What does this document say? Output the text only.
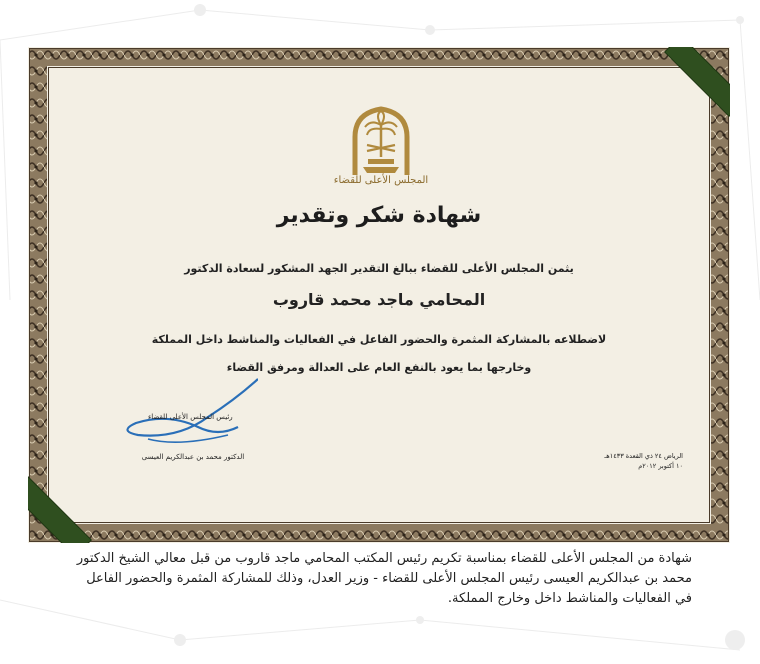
المجلس الأعلى للقضاء
شهادة شكر وتقدير
يثمن المجلس الأعلى للقضاء ببالغ التقدير الجهد المشكور لسعادة الدكتور
المحامي ماجد محمد قاروب
لاضطلاعه بالمشاركة المثمرة والحضور الفاعل في الفعاليات والمناشط داخل المملكة
وخارجها بما يعود بالنفع العام على العدالة ومرفق القضاء
رئيس المجلس الأعلى للقضاء
الدكتور محمد بن عبدالكريم العيسى	الرياض ٢٤ ذي القعدة ١٤٣٣هـ
١٠ أكتوبر ٢٠١٢م
شهادة من المجلس الأعلى للقضاء بمناسبة تكريم رئيس المكتب المحامي ماجد قاروب من قبل معالي الشيخ الدكتور محمد بن عبدالكريم العيسى رئيس المجلس الأعلى للقضاء - وزير العدل، وذلك للمشاركة المثمرة والحضور الفاعل في الفعاليات والمناشط داخل وخارج المملكة.
